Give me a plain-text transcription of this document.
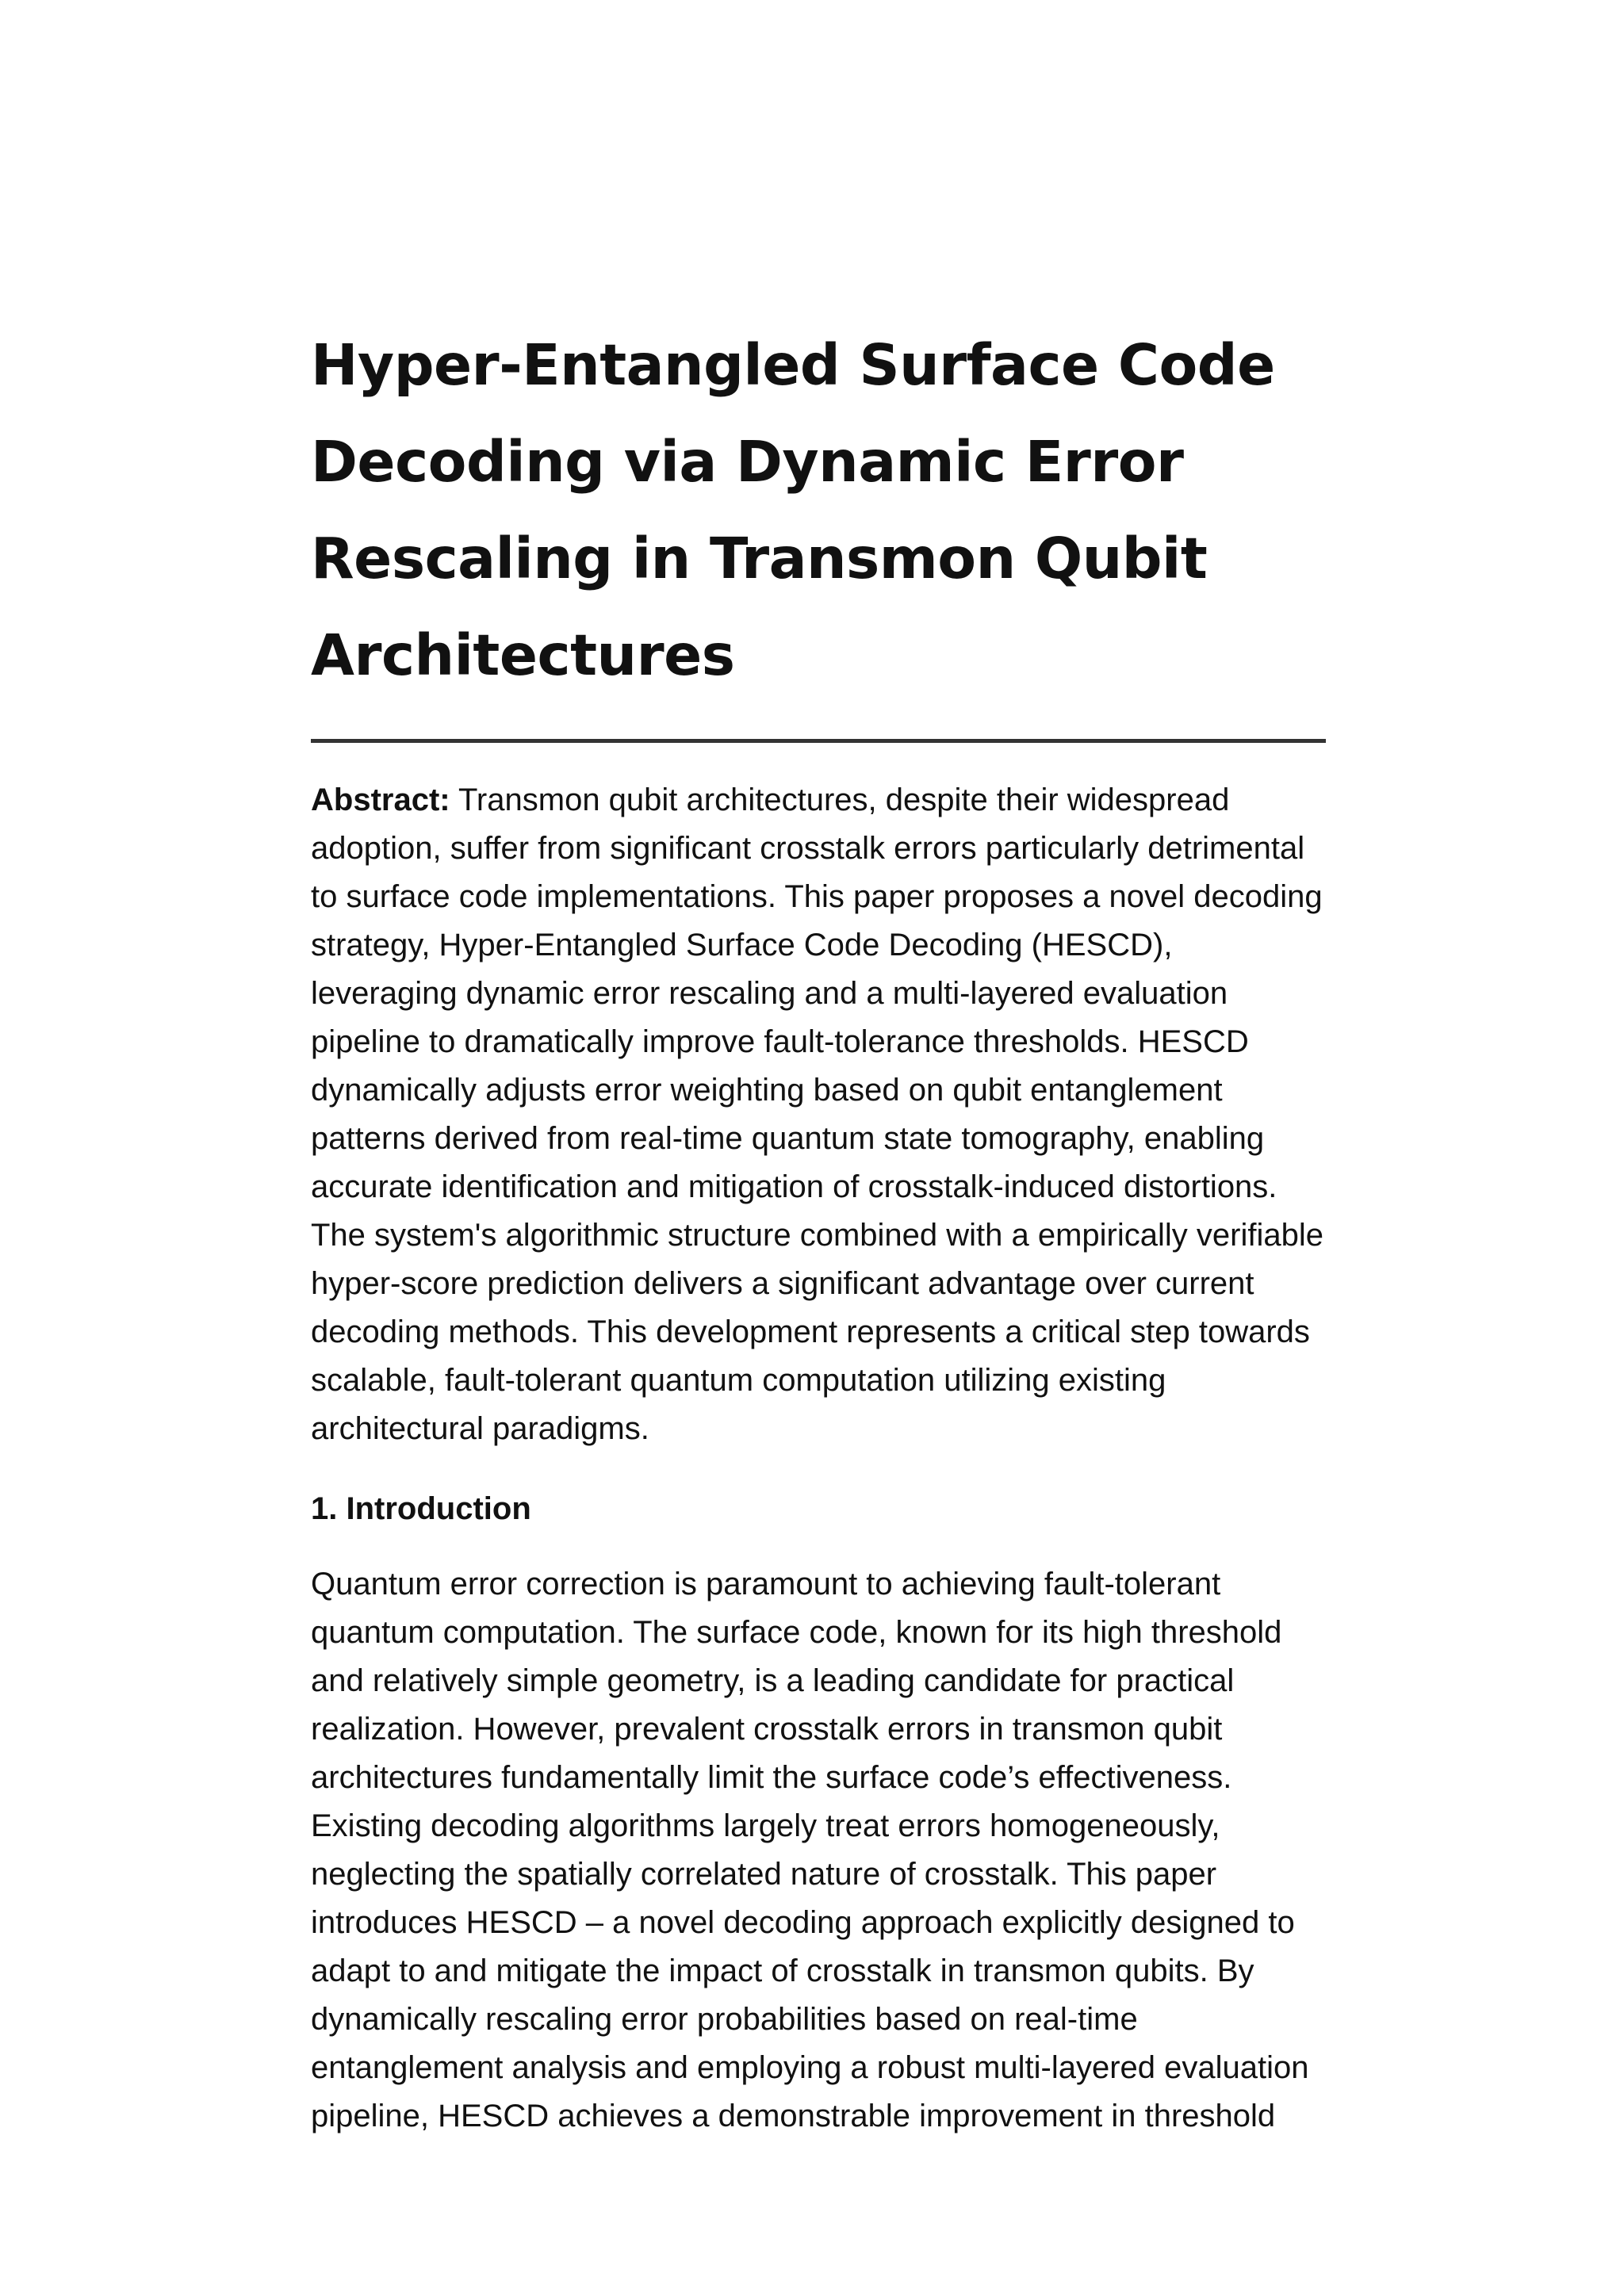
Hyper-Entangled Surface Code Decoding via Dynamic Error Rescaling in Transmon Qubit Architectures
Abstract: Transmon qubit architectures, despite their widespread adoption, suffer from significant crosstalk errors particularly detrimental to surface code implementations. This paper proposes a novel decoding strategy, Hyper-Entangled Surface Code Decoding (HESCD), leveraging dynamic error rescaling and a multi-layered evaluation pipeline to dramatically improve fault-tolerance thresholds. HESCD dynamically adjusts error weighting based on qubit entanglement patterns derived from real-time quantum state tomography, enabling accurate identification and mitigation of crosstalk-induced distortions. The system's algorithmic structure combined with a empirically verifiable hyper-score prediction delivers a significant advantage over current decoding methods. This development represents a critical step towards scalable, fault-tolerant quantum computation utilizing existing architectural paradigms.
1. Introduction

Quantum error correction is paramount to achieving fault-tolerant quantum computation. The surface code, known for its high threshold and relatively simple geometry, is a leading candidate for practical realization. However, prevalent crosstalk errors in transmon qubit architectures fundamentally limit the surface code’s effectiveness. Existing decoding algorithms largely treat errors homogeneously, neglecting the spatially correlated nature of crosstalk. This paper introduces HESCD – a novel decoding approach explicitly designed to adapt to and mitigate the impact of crosstalk in transmon qubits. By dynamically rescaling error probabilities based on real-time entanglement analysis and employing a robust multi-layered evaluation pipeline, HESCD achieves a demonstrable improvement in threshold
